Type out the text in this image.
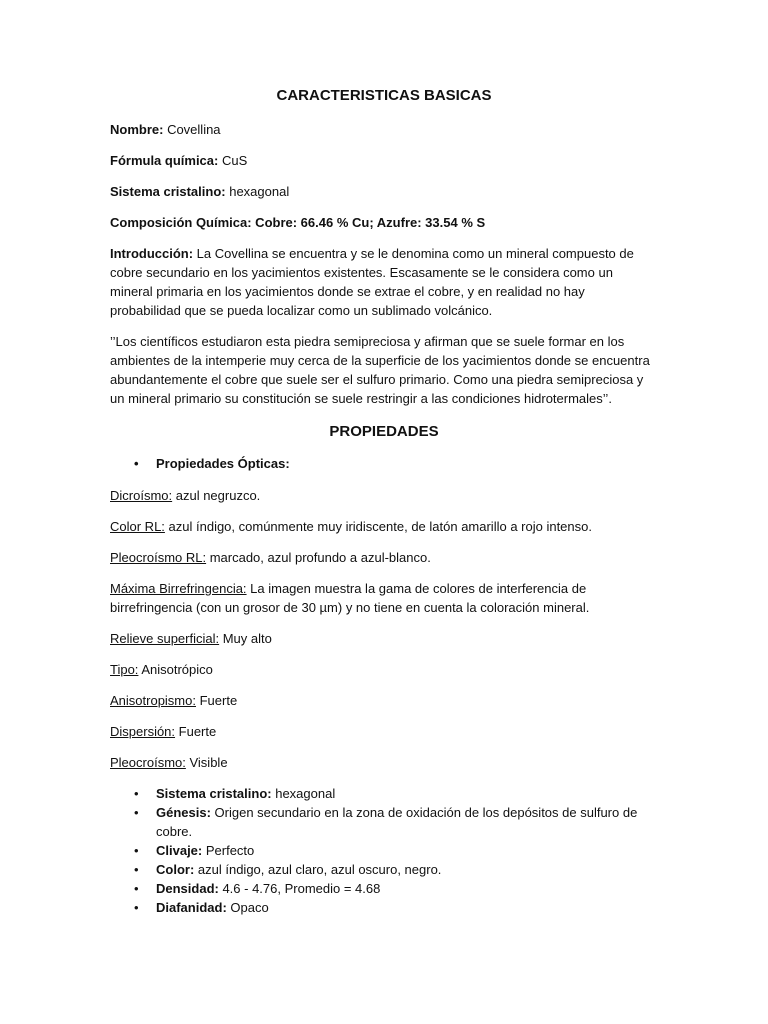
CARACTERISTICAS BASICAS

Nombre: Covellina

Fórmula química: CuS

Sistema cristalino: hexagonal

Composición Química: Cobre: 66.46 % Cu; Azufre: 33.54 % S

Introducción: La Covellina se encuentra y se le denomina como un mineral compuesto de cobre secundario en los yacimientos existentes. Escasamente se le considera como un mineral primaria en los yacimientos donde se extrae el cobre, y en realidad no hay probabilidad que se pueda localizar como un sublimado volcánico.

’’Los científicos estudiaron esta piedra semipreciosa y afirman que se suele formar en los ambientes de la intemperie muy cerca de la superficie de los yacimientos donde se encuentra abundantemente el cobre que suele ser el sulfuro primario. Como una piedra semipreciosa y un mineral primario su constitución se suele restringir a las condiciones hidrotermales’’.

PROPIEDADES
• Propiedades Ópticas:

Dicroísmo: azul negruzco.

Color RL: azul índigo, comúnmente muy iridiscente, de latón amarillo a rojo intenso.

Pleocroísmo RL: marcado, azul profundo a azul-blanco.

Máxima Birrefringencia: La imagen muestra la gama de colores de interferencia de birrefringencia (con un grosor de 30 µm) y no tiene en cuenta la coloración mineral.

Relieve superficial: Muy alto

Tipo: Anisotrópico

Anisotropismo: Fuerte

Dispersión: Fuerte

Pleocroísmo: Visible

• Sistema cristalino: hexagonal
• Génesis: Origen secundario en la zona de oxidación de los depósitos de sulfuro de cobre.
• Clivaje: Perfecto
• Color: azul índigo, azul claro, azul oscuro, negro.
• Densidad: 4.6 - 4.76, Promedio = 4.68
• Diafanidad: Opaco
